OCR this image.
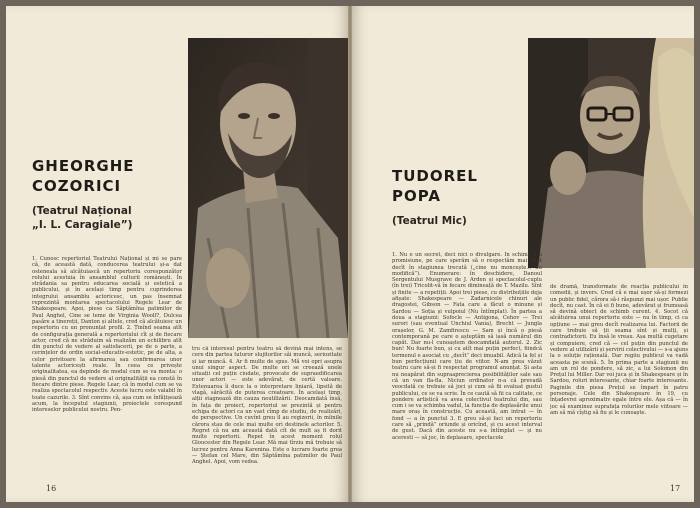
GHEORGHE
COZORICI

(Teatrul Național
„I. L. Caragiale”)

1. Cunosc repertoriul Teatrului Național și mi se pare că, de această dată, conducerea teatrului și-a dat osteneala să alcătuiască un repertoriu corespunzător rolului acestuia în ansamblul culturii românești. În strădania sa pentru educarea socială și estetică a publicului, și în același timp pentru cuprinderea integrului ansamblu actoricesc, un pas însemnat reprezintă montarea spectacolului Regele Lear de Shakespeare. Apoi, piese ca Săptămîna patimilor de Paul Anghel, Cine se teme de Virginia Woolf?, Dulcea pasăre a tinereții, Danton și altele, cred că alcătuiesc un repertoriu cu un pronunțat profil. 2. Ținînd seama atît de configurația generală a repertoriului cît și de fiecare actor, cred că ne străduim să realizăm un echilibru atît din punctul de vedere al satisfacerii, pe de o parte, a cerințelor de ordin social-educativ-estetic, pe de alta, a celor privitoare la afirmarea sau confirmarea unor talente actoricești reale. În ceea ce privește originalitatea, ea depinde de modul cum se va monta: o piesă din punctul de vedere al originalității ea constă în fiecare dintre piese. Regele Lear, că în modul cum se va realiza spectacolul respectiv. Aceste lucru este valabil în toate cazurile. 3. Sînt convins că, așa cum se înfățișează acum, la începutul stagiunii, proiectele corespund intereselor publicului nostru. Pen-

tru că interesul pentru teatru să devină mai intens, se cere din partea tuturor slujitorilor săi muncă, seriozitate și iar muncă. 4. Ar fi multe de spus. Mă voi opri asupra unui singur aspect. De multe ori se creează unele situații cel puțin ciudate, provocate de supraedificarea unor actori — este adevărat, de certă valoare. Extenuarea îi duce la o interpretare liniară, lipsită de vlagă, sărăcită de puterea creatoare. În același timp, alții stagnează din cauza neutilizării. Deocamdată însă, în fața de proiect, repertoriul se prezintă și pentru echipa de actori ca un vast cîmp de studiu, de realizări, de perspective. Un cuvînt greu îl au regizorii, în mîinile cărora stau de cele mai multe ori destinele actorilor. 5. Regret că nu am această dată cît de mult aș fi dorit multe repertorii. Repet în acest moment rolul Gloucester din Regele Lear. Mă mai tîrziu mă trebuie să lucrez pentru Anna Karenina. Este o lucrare foarte grea — Ștefan cel Mare, din Săptămîna patimilor de Paul Anghel. Apoi, vom vedea.

16
TUDOREL
POPA

(Teatrul Mic)

1. Nu e un secret, deci nici o divulgare. În schimb e o promisiune, pe care sperăm să o respectăm mai mult decît în stagiunea trecută („cine nu moncește... nu modifică”). Enumerare: în deschidere, Danoul Sergentului Musgrave de J. Arden și spectacolul-cuplu (în trei) Tricolit-vă în fecare dimineață de T. Mazilu. Sînt și finite — a repetiții. Apoi trei piese, cu distribuțiile deja afișate: Shakespeare — Zadarnicele chinuri ale dragostei, Gibson — Fata care a făcut o minune și Sardou — Soția și vulpoiul (Nu întîmplat). În partea a doua a stagiunii: Sofocle — Antigona, Cehov — Trei surori (sau eventual Unchiul Vania), Brecht — Jungla orașelor, G. M. Zamfirescu — Sam și încă o piesă contemporană pe care o așteptăm să iasă numărul din capăt. Dar nu-l cunoaștem deocamdată autorul. 2. Zic bun! Nu foarte bun, și cu atît mai puțin perfect, fiindcă termenul e asociat cu „decît” deci imuabil. Adică la fel și bun perfecțiunii care țiu de viitor. N-am prea văzut teatru care să-și fi respectat programul anunțat. Și asta nu neapărat din supraaprecierea posibilităților sale sau că un van fla-fla. Niciun ordinator n-a că prevadă veocdată ce trebuie să joci și cum să fii evaluat gustul publicului, ce se va scrie. În ce caută să fii ca calitate, ce pondere artistică va avea colectivul teatrului din, sau cum i se va schimba vadul, la funcția de deplasările unui mare oraș în construcție. Cu această, am intrat — în fond — a în punctul 3. E greu să-și faci un repertoriu care să „prindă” oriunde și oricînd, și cu acest interval de gust. Dacă din aceste nu s-a întîmplat — și nu aceresti — să joc, în deplasare, spectacole

de dramă, transformate de reacția publicului în comedii, și invers. Cred că e mai ușor să-și formezi un public fidel, cărora să-i răspunzi mai ușor. Publie decît, nu cast. În că ei fi bune, adevărat și frumoasă să devină obiect de schimb curent. 4. Socot că alcătuirea unui repertoriu este — nu în timp, ci ca opțiune — mai greu decît realizarea lui. Factorii de care trebuie să ții seama sînt și mulți, și contradictorii. Eu însă le vreau. Așa multă cugetare și compuiere, cred că — cel puțin din punctul de vedere al utilizării și șervirii colectivului — s-a ajuns la o soluție rațională. Dar regiiu publicul va vadă aceasta pe scenă. 5. În prima parte a stagiunii nu am un rol de pondere, să zic, a lui Solomon din Prețul lui Miller. Dar voi juca și în Shakespeare și în Sardou, roluri interesante, chiar foarte interesante. Paginile din piesa Prețul se împart în patru personaje. Cele din Shakespeare în 19, cu înțadevrei aproximativ egale între ele. Așa că — în joc să examinez suprafața rolurilor mele viitoare — am să mă cîștig să fiu și le cunoaște.

17
